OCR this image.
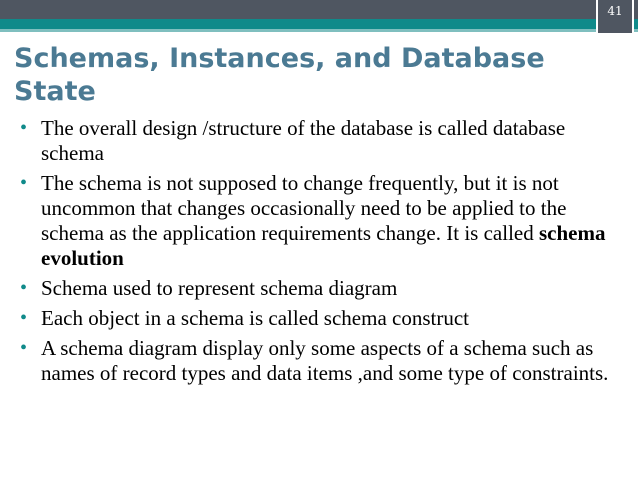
41
Schemas, Instances, and Database State
• The overall design /structure of the database is called database schema
• The schema is not supposed to change frequently, but it is not uncommon that changes occasionally need to be applied to the schema as the application requirements change. It is called schema evolution
• Schema used to represent schema diagram
• Each object in a schema is called schema construct
• A schema diagram display only some aspects of a schema such as names of record types and data items ,and some type of constraints.
